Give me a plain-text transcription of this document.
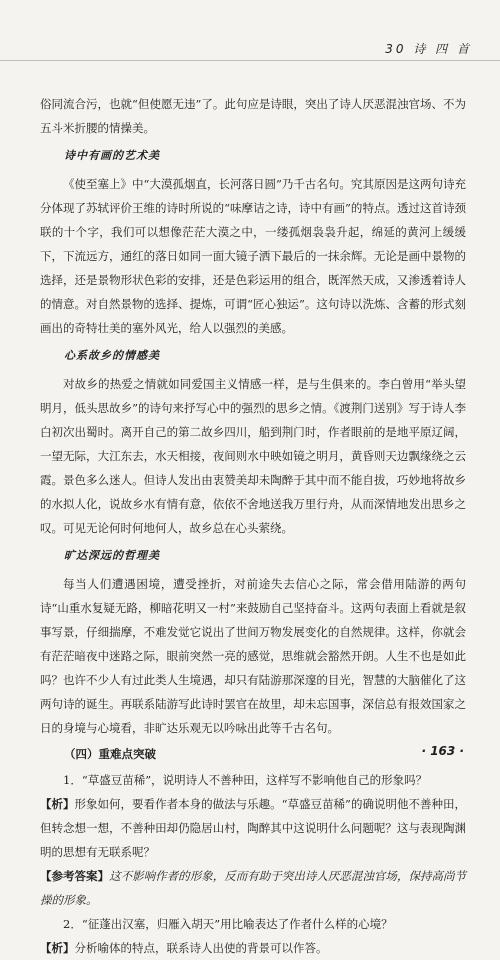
30 诗 四 首

俗同流合污，也就“但使愿无违”了。此句应是诗眼，突出了诗人厌恶混浊官场、不为五斗米折腰的情操美。

诗中有画的艺术美

《使至塞上》中“大漠孤烟直，长河落日圆”乃千古名句。究其原因是这两句诗充分体现了苏轼评价王维的诗时所说的“味摩诘之诗，诗中有画”的特点。透过这首诗颈联的十个字，我们可以想像茫茫大漠之中，一缕孤烟袅袅升起，绵延的黄河上缓缓下，下流远方，通红的落日如同一面大镜子洒下最后的一抹余辉。无论是画中景物的选择，还是景物形状色彩的安排，还是色彩运用的组合，既浑然天成，又渗透着诗人的情意。对自然景物的选择、提炼，可谓“匠心独运”。这句诗以洗炼、含蓄的形式刻画出的奇特壮美的塞外风光，给人以强烈的美感。

心系故乡的情感美

对故乡的热爱之情就如同爱国主义情感一样，是与生俱来的。李白曾用“举头望明月，低头思故乡”的诗句来抒写心中的强烈的思乡之情。《渡荆门送别》写于诗人李白初次出蜀时。离开自己的第二故乡四川，船到荆门时，作者眼前的是地平原辽阔，一望无际，大江东去，水天相接，夜间则水中映如镜之明月，黄昏则天边飘缘绕之云霞。景色多么迷人。但诗人发出由衷赞美却未陶醉于其中而不能自拔，巧妙地将故乡的水拟人化，说故乡水有情有意，依依不舍地送我万里行舟，从而深情地发出思乡之叹。可见无论何时何地何人，故乡总在心头萦绕。

旷达深远的哲理美

每当人们遭遇困境，遭受挫折，对前途失去信心之际，常会借用陆游的两句诗“山重水复疑无路，柳暗花明又一村”来鼓励自己坚持奋斗。这两句表面上看就是叙事写景，仔细揣摩，不难发觉它说出了世间万物发展变化的自然规律。这样，你就会有茫茫暗夜中迷路之际，眼前突然一亮的感觉，思维就会豁然开朗。人生不也是如此吗？也许不少人有过此类人生境遇，却只有陆游那深邃的目光，智慧的大脑催化了这两句诗的诞生。再联系陆游写此诗时罢官在故里，却未忘国事，深信总有报效国家之日的身境与心境看，非旷达乐观无以吟咏出此等千古名句。

（四）重难点突破

1．“草盛豆苗稀”，说明诗人不善种田，这样写不影响他自己的形象吗？

【析】形象如何，要看作者本身的做法与乐趣。“草盛豆苗稀”的确说明他不善种田，但转念想一想，不善种田却仍隐居山村，陶醉其中这说明什么问题呢？这与表现陶渊明的思想有无联系呢？

【参考答案】这不影响作者的形象，反而有助于突出诗人厌恶混浊官场，保持高尚节操的形象。

2．“征蓬出汉塞，归雁入胡天”用比喻表达了作者什么样的心境？

【析】分析喻体的特点，联系诗人出使的背景可以作答。

· 163 ·
